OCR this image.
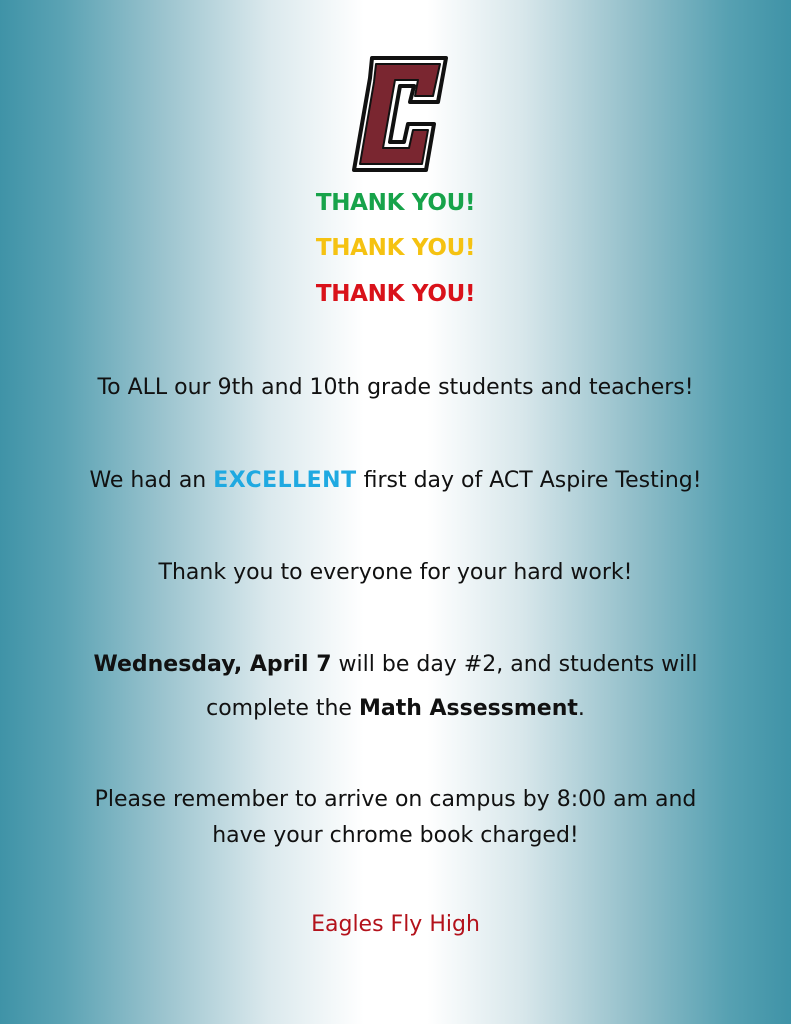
THANK YOU!
THANK YOU!
THANK YOU!
To ALL our 9th and 10th grade students and teachers!
We had an EXCELLENT first day of ACT Aspire Testing!
Thank you to everyone for your hard work!
Wednesday, April 7 will be day #2, and students will
complete the Math Assessment.
Please remember to arrive on campus by 8:00 am and
have your chrome book charged!
Eagles Fly High
